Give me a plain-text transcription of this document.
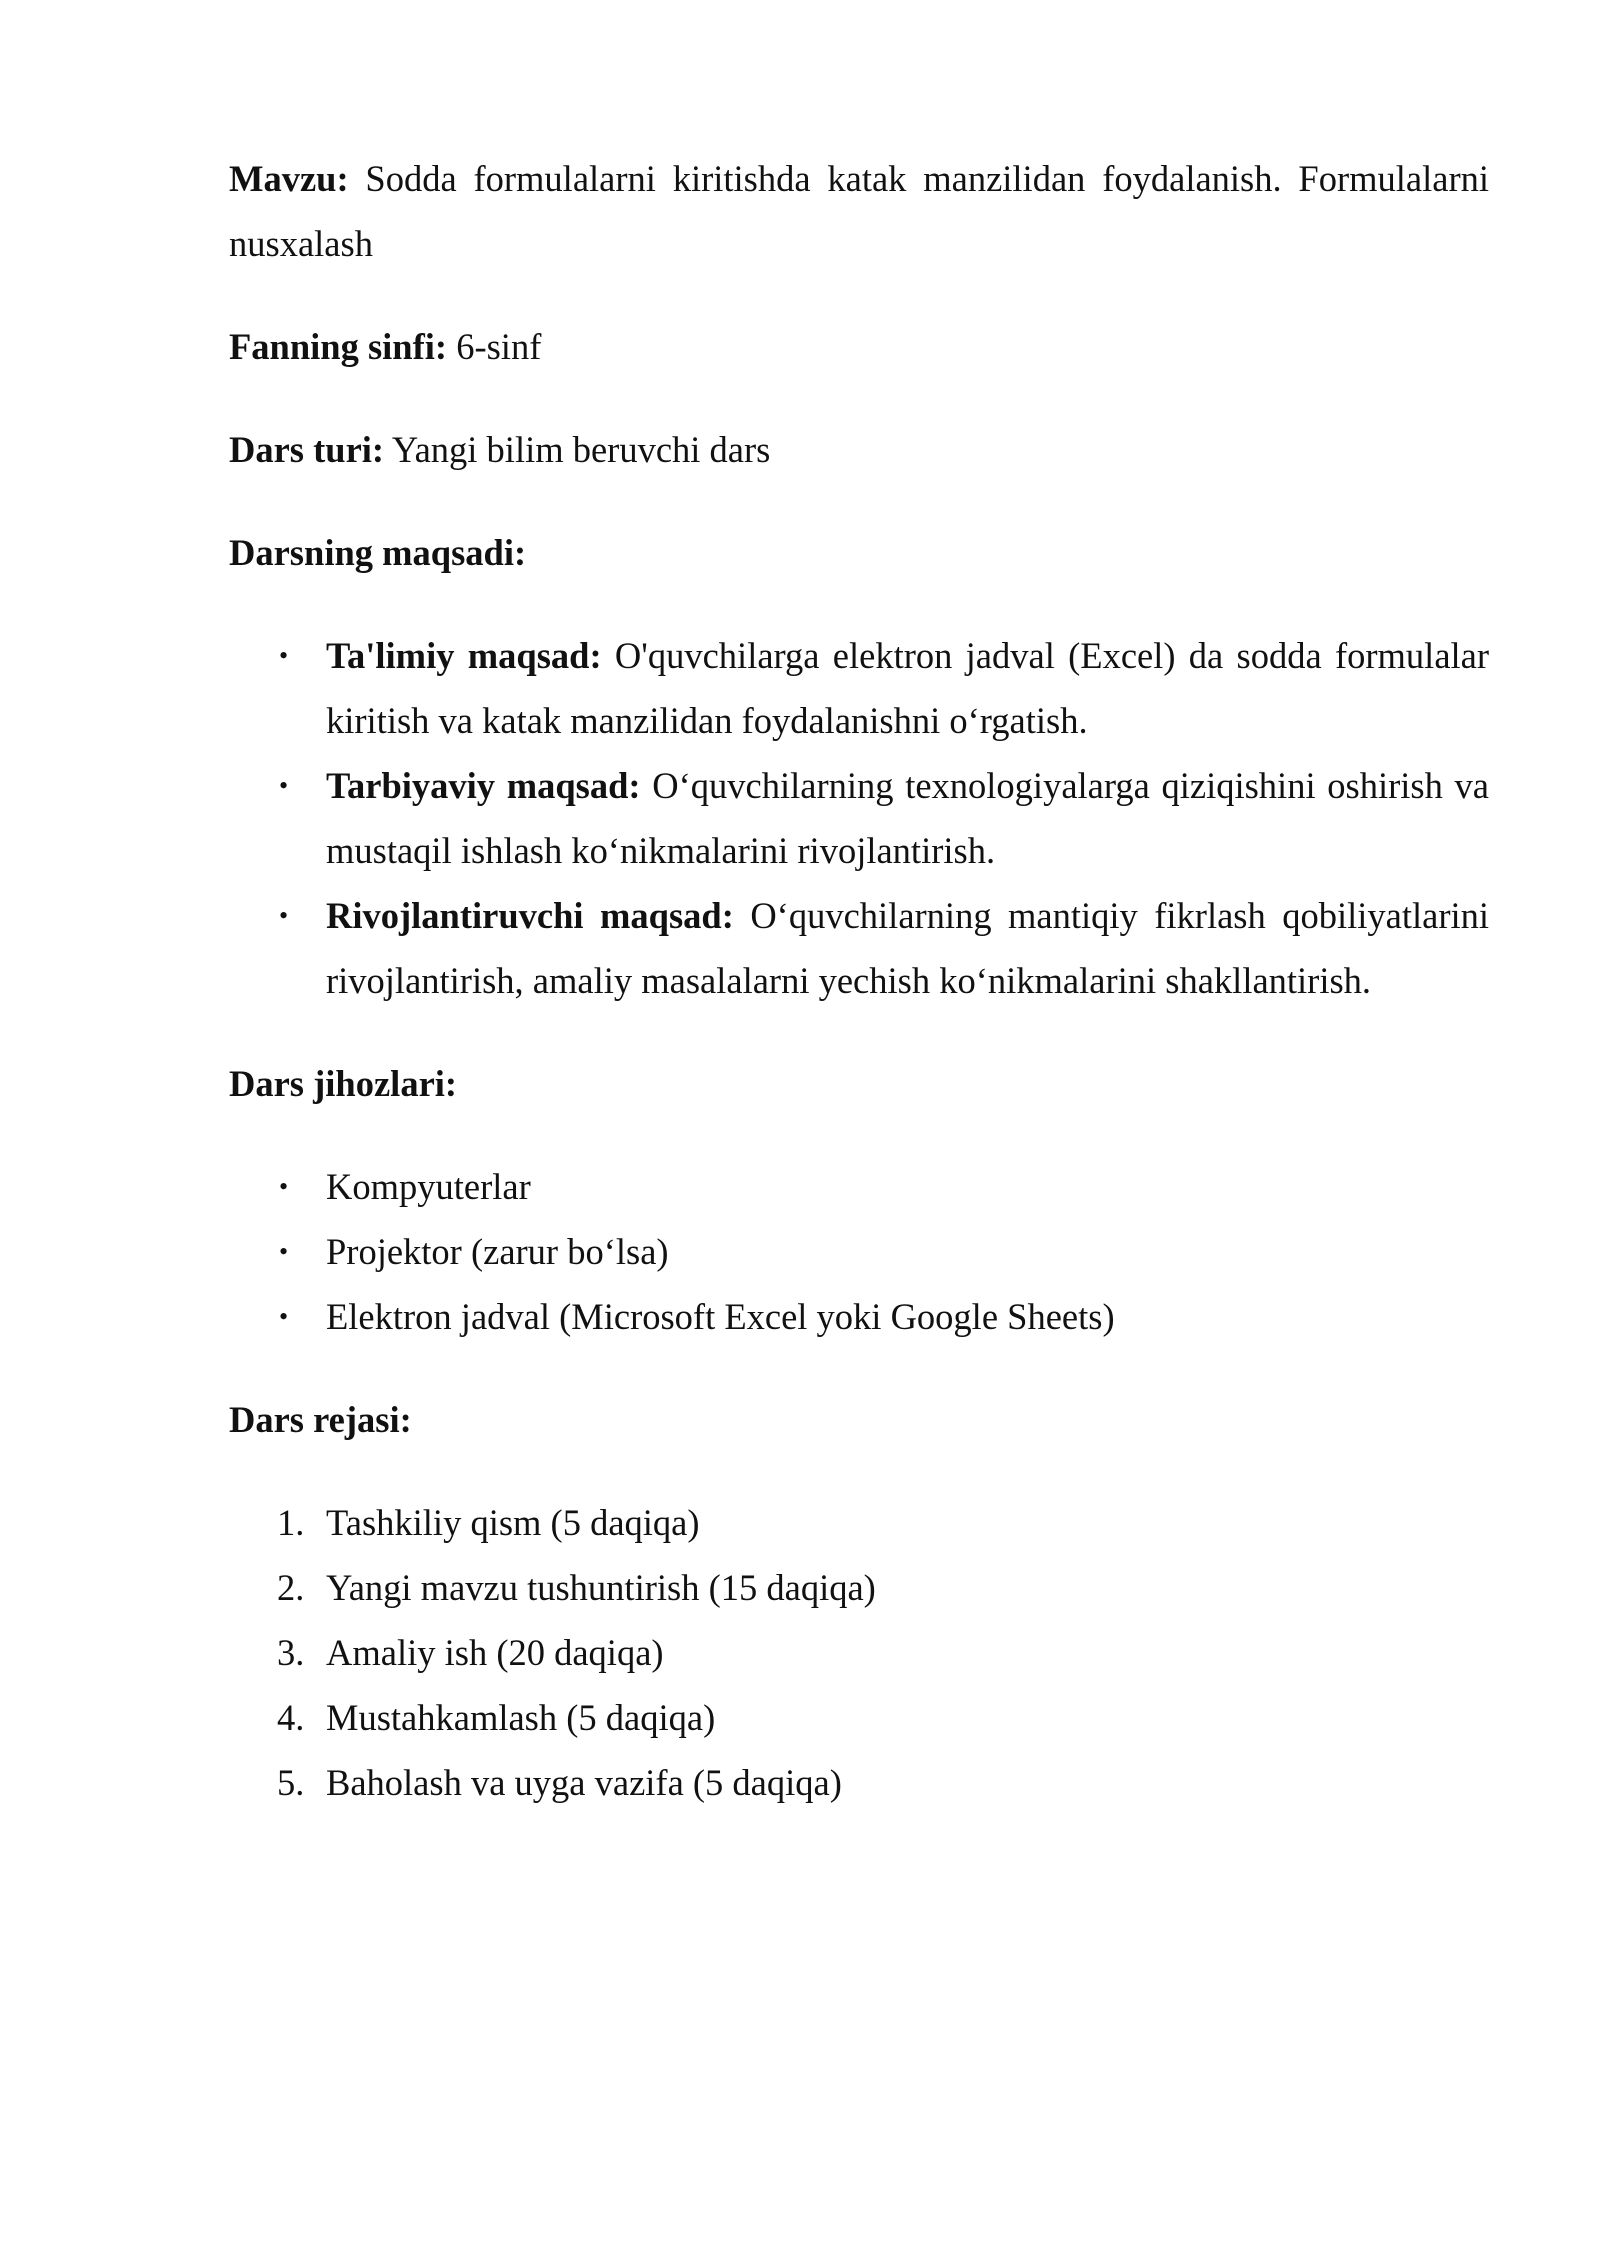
Mavzu: Sodda formulalarni kiritishda katak manzilidan foydalanish. Formulalarni nusxalash

Fanning sinfi: 6-sinf

Dars turi: Yangi bilim beruvchi dars

Darsning maqsadi:

• Ta'limiy maqsad: O'quvchilarga elektron jadval (Excel) da sodda formulalar kiritish va katak manzilidan foydalanishni o‘rgatish.
• Tarbiyaviy maqsad: O‘quvchilarning texnologiyalarga qiziqishini oshirish va mustaqil ishlash ko‘nikmalarini rivojlantirish.
• Rivojlantiruvchi maqsad: O‘quvchilarning mantiqiy fikrlash qobiliyatlarini rivojlantirish, amaliy masalalarni yechish ko‘nikmalarini shakllantirish.

Dars jihozlari:

• Kompyuterlar
• Projektor (zarur bo‘lsa)
• Elektron jadval (Microsoft Excel yoki Google Sheets)

Dars rejasi:

1. Tashkiliy qism (5 daqiqa)
2. Yangi mavzu tushuntirish (15 daqiqa)
3. Amaliy ish (20 daqiqa)
4. Mustahkamlash (5 daqiqa)
5. Baholash va uyga vazifa (5 daqiqa)
